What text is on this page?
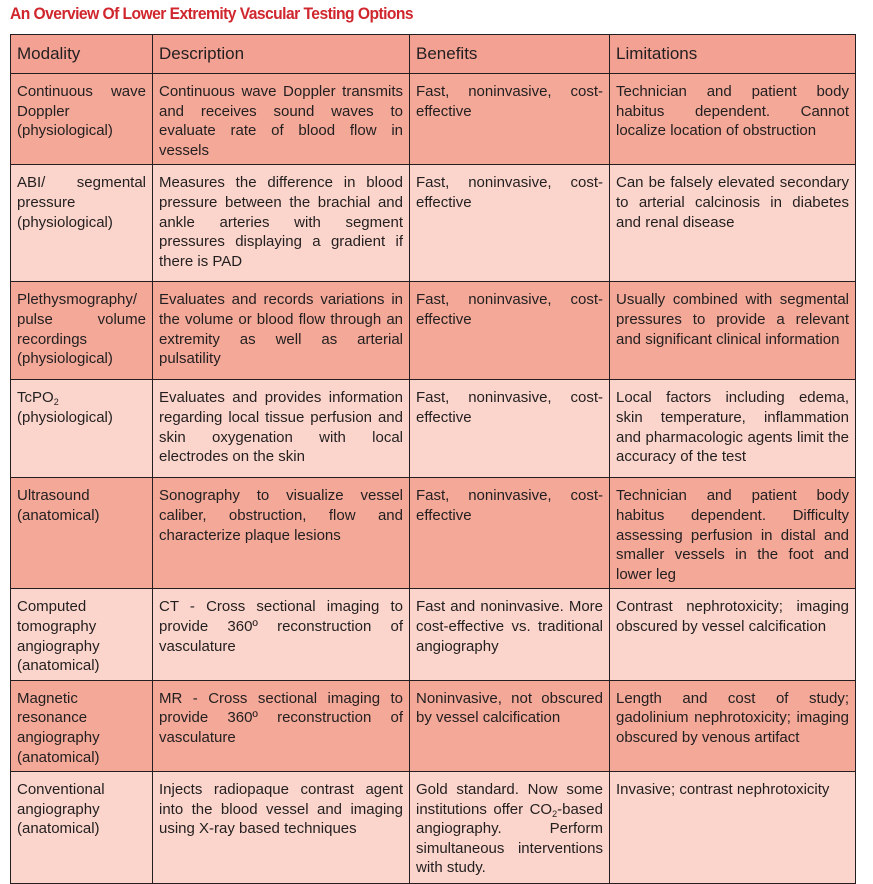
An Overview Of Lower Extremity Vascular Testing Options
Modality	Description	Benefits	Limitations
Continuous wave Doppler (physiological)	Continuous wave Doppler transmits and receives sound waves to evaluate rate of blood flow in vessels	Fast, noninvasive, cost-effective	Technician and patient body habitus dependent. Cannot localize location of obstruction
ABI/ segmental pressure (physiological)	Measures the difference in blood pressure between the brachial and ankle arteries with segment pressures displaying a gradient if there is PAD	Fast, noninvasive, cost-effective	Can be falsely elevated secondary to arterial calcinosis in diabetes and renal disease
Plethysmography/ pulse volume recordings (physiological)	Evaluates and records variations in the volume or blood flow through an extremity as well as arterial pulsatility	Fast, noninvasive, cost-effective	Usually combined with segmental pressures to provide a relevant and significant clinical information
TcPO$_2$ (physiological)	Evaluates and provides information regarding local tissue perfusion and skin oxygenation with local electrodes on the skin	Fast, noninvasive, cost-effective	Local factors including edema, skin temperature, inflammation and pharmacologic agents limit the accuracy of the test
Ultrasound (anatomical)	Sonography to visualize vessel caliber, obstruction, flow and characterize plaque lesions	Fast, noninvasive, cost-effective	Technician and patient body habitus dependent. Difficulty assessing perfusion in distal and smaller vessels in the foot and lower leg
Computed tomography angiography (anatomical)	CT - Cross sectional imaging to provide 360º reconstruction of vasculature	Fast and noninvasive. More cost-effective vs. traditional angiography	Contrast nephrotoxicity; imaging obscured by vessel calcification
Magnetic resonance angiography (anatomical)	MR - Cross sectional imaging to provide 360º reconstruction of vasculature	Noninvasive, not obscured by vessel calcification	Length and cost of study; gadolinium nephrotoxicity; imaging obscured by venous artifact
Conventional angiography (anatomical)	Injects radiopaque contrast agent into the blood vessel and imaging using X-ray based techniques	Gold standard. Now some institutions offer $CO_2$-based angiography. Perform simultaneous interventions with study.	Invasive; contrast nephrotoxicity
